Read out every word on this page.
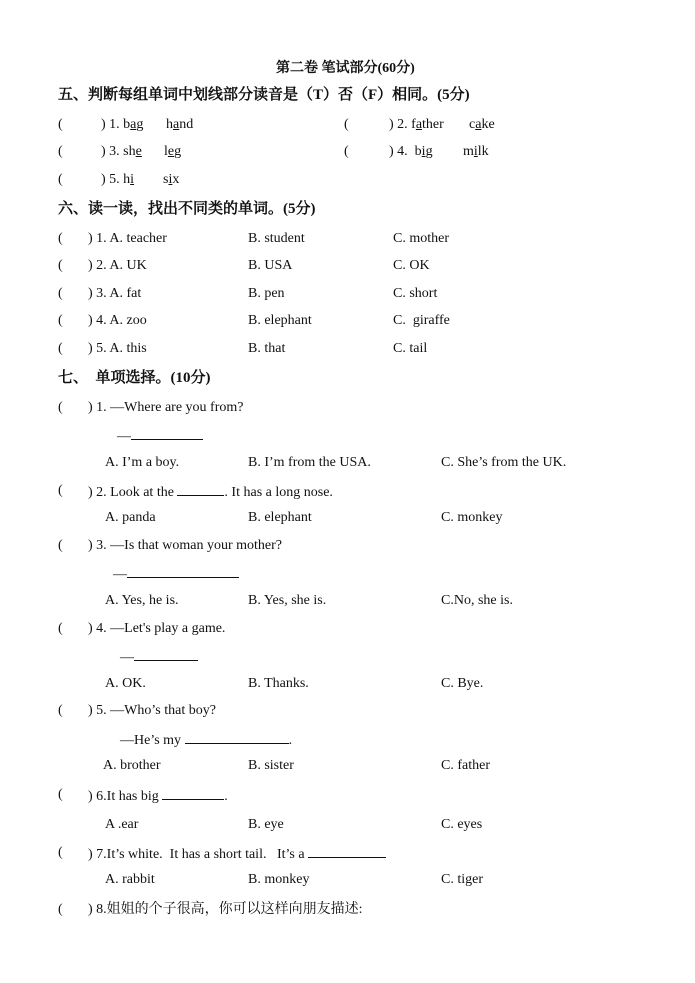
第二卷 笔试部分(60分)
五、判断每组单词中划线部分读音是（T）否（F）相同。(5分)
(	) 1. bag hand	(	) 2. father cake
(	) 3. she leg	(	) 4.  big milk
(	) 5. hi six
六、读一读，找出不同类的单词。(5分)
( ) 1. A. teacher	B. student	C. mother
( ) 2. A. UK	B. USA	C. OK
( ) 3. A. fat	B. pen	C. short
( ) 4. A. zoo	B. elephant	C.  giraffe
( ) 5. A. this	B. that	C. tail
七、  单项选择。(10分)
( ) 1. —Where are you from?
—
A. I’m a boy.	B. I’m from the USA.	C. She’s from the UK.
( ) 2. Look at the	. It has a long nose.
A. panda	B. elephant	C. monkey
( ) 3. —Is that woman your mother?
—
A. Yes, he is.	B. Yes, she is.	C.No, she is.
( ) 4. —Let's play a game.
—
A. OK.	B. Thanks.	C. Bye.
( ) 5. —Who’s that boy?
—He’s my	.
A. brother	B. sister	C. father
( ) 6.It has big	.
A .ear	B. eye	C. eyes
( ) 7.It’s white.  It has a short tail.   It’s a
A. rabbit	B. monkey	C. tiger
( ) 8.姐姐的个子很高，你可以这样向朋友描述:
